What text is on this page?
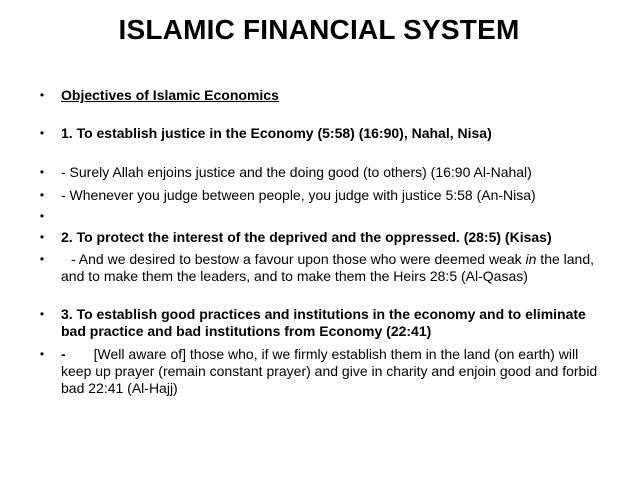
ISLAMIC FINANCIAL SYSTEM
• Objectives of Islamic Economics
• 1. To establish justice in the Economy (5:58) (16:90), Nahal, Nisa)
• - Surely Allah enjoins justice and the doing good (to others) (16:90 Al-Nahal)
• - Whenever you judge between people, you judge with justice 5:58 (An-Nisa)
•
• 2. To protect the interest of the deprived and the oppressed. (28:5) (Kisas)
•	- And we desired to bestow a favour upon those who were deemed weak in the land, and to make them the leaders, and to make them the Heirs 28:5 (Al-Qasas)
• 3. To establish good practices and institutions in the economy and to eliminate bad practice and bad institutions from Economy (22:41)
• - [Well aware of] those who, if we firmly establish them in the land (on earth) will keep up prayer (remain constant prayer) and give in charity and enjoin good and forbid bad 22:41 (Al-Hajj)
